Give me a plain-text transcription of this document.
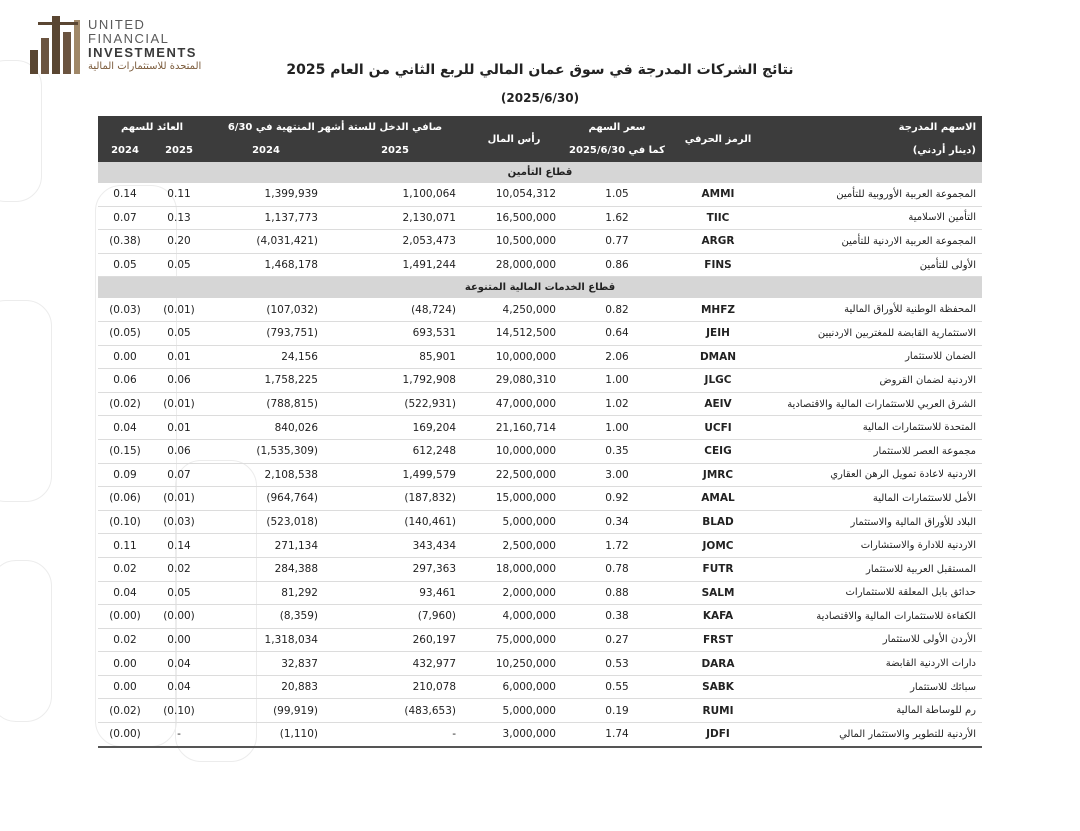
UNITED
FINANCIAL
INVESTMENTS
المتحدة للاستثمارات المالية	نتائج الشركات المدرجة في سوق عمان المالي للربع الثاني من العام 2025
(2025/6/30)
العائد للسهم		صافي الدخل للستة أشهر المنتهية في 6/30		رأس المال	سعر السهم	الرمز الحرفي	الاسهم المدرجة
2024	2025	2024	2025		كما في 2025/6/30		(دينار أردني)
قطاع التأمين							
0.14	0.11	1,399,939	1,100,064	10,054,312	1.05	AMMI	المجموعة العربية الأوروبية للتأمين
0.07	0.13	1,137,773	2,130,071	16,500,000	1.62	TIIC	التأمين الاسلامية
(0.38)	0.20	(4,031,421)	2,053,473	10,500,000	0.77	ARGR	المجموعة العربية الاردنية للتأمين
0.05	0.05	1,468,178	1,491,244	28,000,000	0.86	FINS	الأولى للتأمين
قطاع الخدمات المالية المتنوعة							
(0.03)	(0.01)	(107,032)	(48,724)	4,250,000	0.82	MHFZ	المحفظة الوطنية للأوراق المالية
(0.05)	0.05	(793,751)	693,531	14,512,500	0.64	JEIH	الاستثمارية القابضة للمغتربين الاردنيين
0.00	0.01	24,156	85,901	10,000,000	2.06	DMAN	الضمان للاستثمار
0.06	0.06	1,758,225	1,792,908	29,080,310	1.00	JLGC	الاردنية لضمان القروض
(0.02)	(0.01)	(788,815)	(522,931)	47,000,000	1.02	AEIV	الشرق العربي للاستثمارات المالية والاقتصادية
0.04	0.01	840,026	169,204	21,160,714	1.00	UCFI	المتحدة للاستثمارات المالية
(0.15)	0.06	(1,535,309)	612,248	10,000,000	0.35	CEIG	مجموعة العصر للاستثمار
0.09	0.07	2,108,538	1,499,579	22,500,000	3.00	JMRC	الاردنية لاعادة تمويل الرهن العقاري
(0.06)	(0.01)	(964,764)	(187,832)	15,000,000	0.92	AMAL	الأمل للاستثمارات المالية
(0.10)	(0.03)	(523,018)	(140,461)	5,000,000	0.34	BLAD	البلاد للأوراق المالية والاستثمار
0.11	0.14	271,134	343,434	2,500,000	1.72	JOMC	الاردنية للادارة والاستشارات
0.02	0.02	284,388	297,363	18,000,000	0.78	FUTR	المستقبل العربية للاستثمار
0.04	0.05	81,292	93,461	2,000,000	0.88	SALM	حدائق بابل المعلقة للاستثمارات
(0.00)	(0.00)	(8,359)	(7,960)	4,000,000	0.38	KAFA	الكفاءة للاستثمارات المالية والاقتصادية
0.02	0.00	1,318,034	260,197	75,000,000	0.27	FRST	الأردن الأولى للاستثمار
0.00	0.04	32,837	432,977	10,250,000	0.53	DARA	دارات الاردنية القابضة
0.00	0.04	20,883	210,078	6,000,000	0.55	SABK	سبائك للاستثمار
(0.02)	(0.10)	(99,919)	(483,653)	5,000,000	0.19	RUMI	رم للوساطة المالية
(0.00)	-	(1,110)	-	3,000,000	1.74	JDFI	الأردنية للتطوير والاستثمار المالي
